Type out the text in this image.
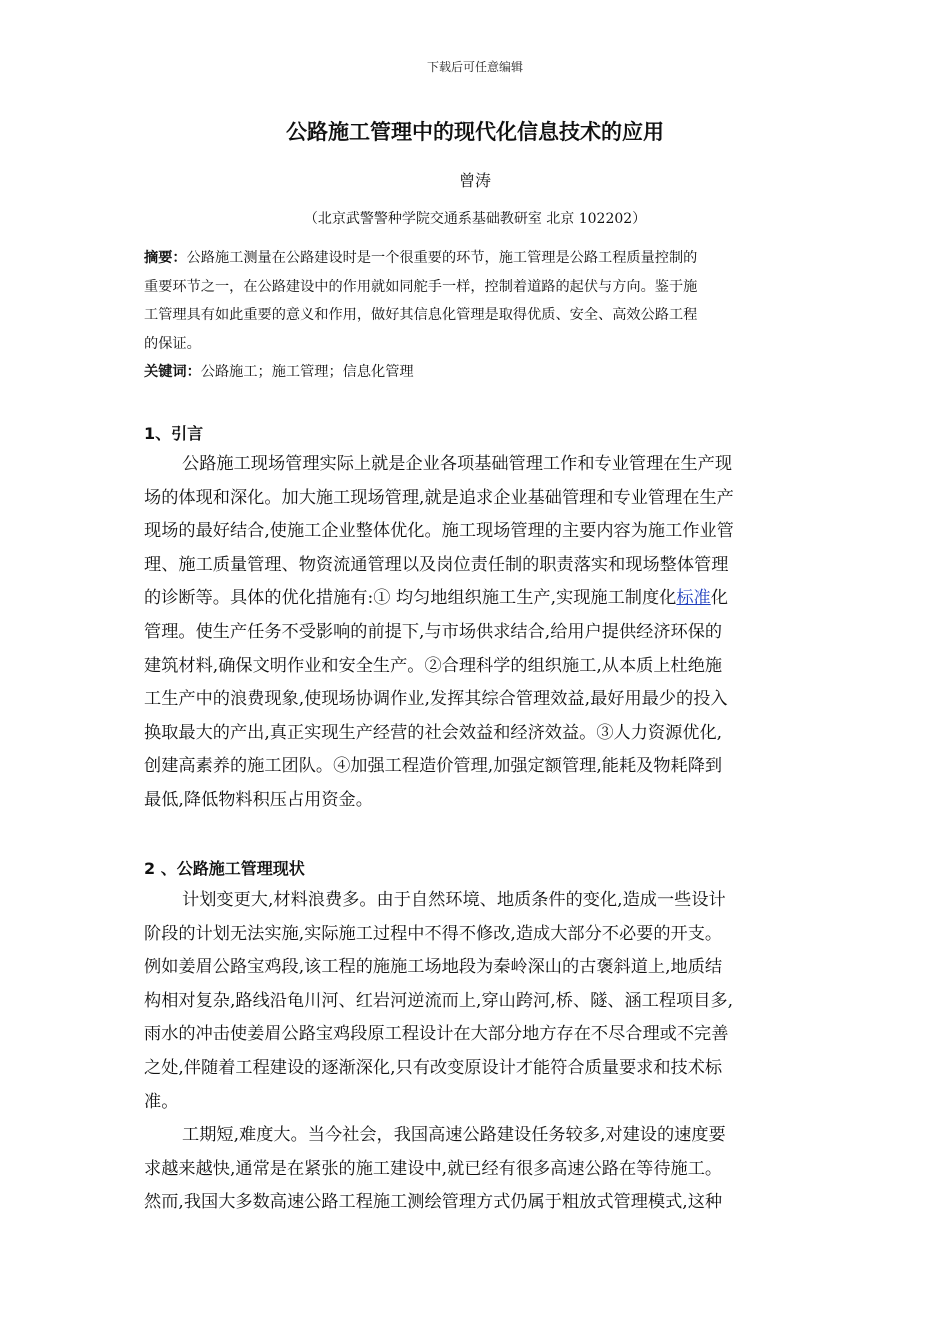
下载后可任意编辑
公路施工管理中的现代化信息技术的应用
曾涛
（北京武警警种学院交通系基础教研室 北京 102202）
摘要：公路施工测量在公路建设时是一个很重要的环节，施工管理是公路工程质量控制的
重要环节之一，在公路建设中的作用就如同舵手一样，控制着道路的起伏与方向。鉴于施
工管理具有如此重要的意义和作用，做好其信息化管理是取得优质、安全、高效公路工程
的保证。
关键词：公路施工；施工管理；信息化管理
1、引言
公路施工现场管理实际上就是企业各项基础管理工作和专业管理在生产现
场的体现和深化。加大施工现场管理,就是追求企业基础管理和专业管理在生产
现场的最好结合,使施工企业整体优化。施工现场管理的主要内容为施工作业管
理、施工质量管理、物资流通管理以及岗位责任制的职责落实和现场整体管理
的诊断等。具体的优化措施有:① 均匀地组织施工生产,实现施工制度化标准化
管理。使生产任务不受影响的前提下,与市场供求结合,给用户提供经济环保的
建筑材料,确保文明作业和安全生产。②合理科学的组织施工,从本质上杜绝施
工生产中的浪费现象,使现场协调作业,发挥其综合管理效益,最好用最少的投入
换取最大的产出,真正实现生产经营的社会效益和经济效益。③人力资源优化,
创建高素养的施工团队。④加强工程造价管理,加强定额管理,能耗及物耗降到
最低,降低物料积压占用资金。
2 、公路施工管理现状
计划变更大,材料浪费多。由于自然环境、地质条件的变化,造成一些设计
阶段的计划无法实施,实际施工过程中不得不修改,造成大部分不必要的开支。
例如姜眉公路宝鸡段,该工程的施施工场地段为秦岭深山的古褒斜道上,地质结
构相对复杂,路线沿龟川河、红岩河逆流而上,穿山跨河,桥、隧、涵工程项目多,
雨水的冲击使姜眉公路宝鸡段原工程设计在大部分地方存在不尽合理或不完善
之处,伴随着工程建设的逐渐深化,只有改变原设计才能符合质量要求和技术标
准。
工期短,难度大。当今社会，我国高速公路建设任务较多,对建设的速度要
求越来越快,通常是在紧张的施工建设中,就已经有很多高速公路在等待施工。
然而,我国大多数高速公路工程施工测绘管理方式仍属于粗放式管理模式,这种
